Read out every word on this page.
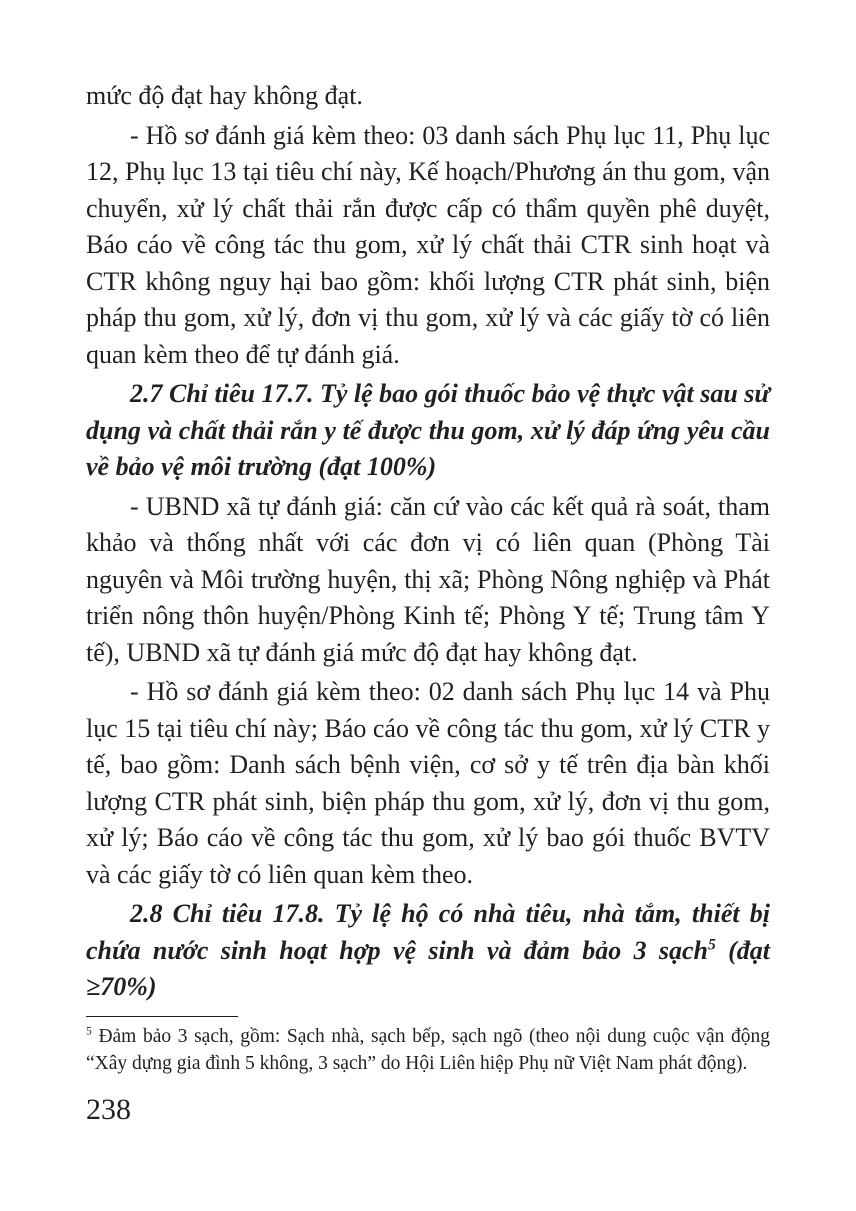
mức độ đạt hay không đạt.

- Hồ sơ đánh giá kèm theo: 03 danh sách Phụ lục 11, Phụ lục 12, Phụ lục 13 tại tiêu chí này, Kế hoạch/Phương án thu gom, vận chuyển, xử lý chất thải rắn được cấp có thẩm quyền phê duyệt, Báo cáo về công tác thu gom, xử lý chất thải CTR sinh hoạt và CTR không nguy hại bao gồm: khối lượng CTR phát sinh, biện pháp thu gom, xử lý, đơn vị thu gom, xử lý và các giấy tờ có liên quan kèm theo để tự đánh giá.

2.7 Chỉ tiêu 17.7. Tỷ lệ bao gói thuốc bảo vệ thực vật sau sử dụng và chất thải rắn y tế được thu gom, xử lý đáp ứng yêu cầu về bảo vệ môi trường (đạt 100%)

- UBND xã tự đánh giá: căn cứ vào các kết quả rà soát, tham khảo và thống nhất với các đơn vị có liên quan (Phòng Tài nguyên và Môi trường huyện, thị xã; Phòng Nông nghiệp và Phát triển nông thôn huyện/Phòng Kinh tế; Phòng Y tế; Trung tâm Y tế), UBND xã tự đánh giá mức độ đạt hay không đạt.

- Hồ sơ đánh giá kèm theo: 02 danh sách Phụ lục 14 và Phụ lục 15 tại tiêu chí này; Báo cáo về công tác thu gom, xử lý CTR y tế, bao gồm: Danh sách bệnh viện, cơ sở y tế trên địa bàn khối lượng CTR phát sinh, biện pháp thu gom, xử lý, đơn vị thu gom, xử lý; Báo cáo về công tác thu gom, xử lý bao gói thuốc BVTV và các giấy tờ có liên quan kèm theo.

2.8 Chỉ tiêu 17.8. Tỷ lệ hộ có nhà tiêu, nhà tắm, thiết bị chứa nước sinh hoạt hợp vệ sinh và đảm bảo 3 sạch$^5$ (đạt ≥70%)

$^5$ Đảm bảo 3 sạch, gồm: Sạch nhà, sạch bếp, sạch ngõ (theo nội dung cuộc vận động “Xây dựng gia đình 5 không, 3 sạch” do Hội Liên hiệp Phụ nữ Việt Nam phát động).

238
